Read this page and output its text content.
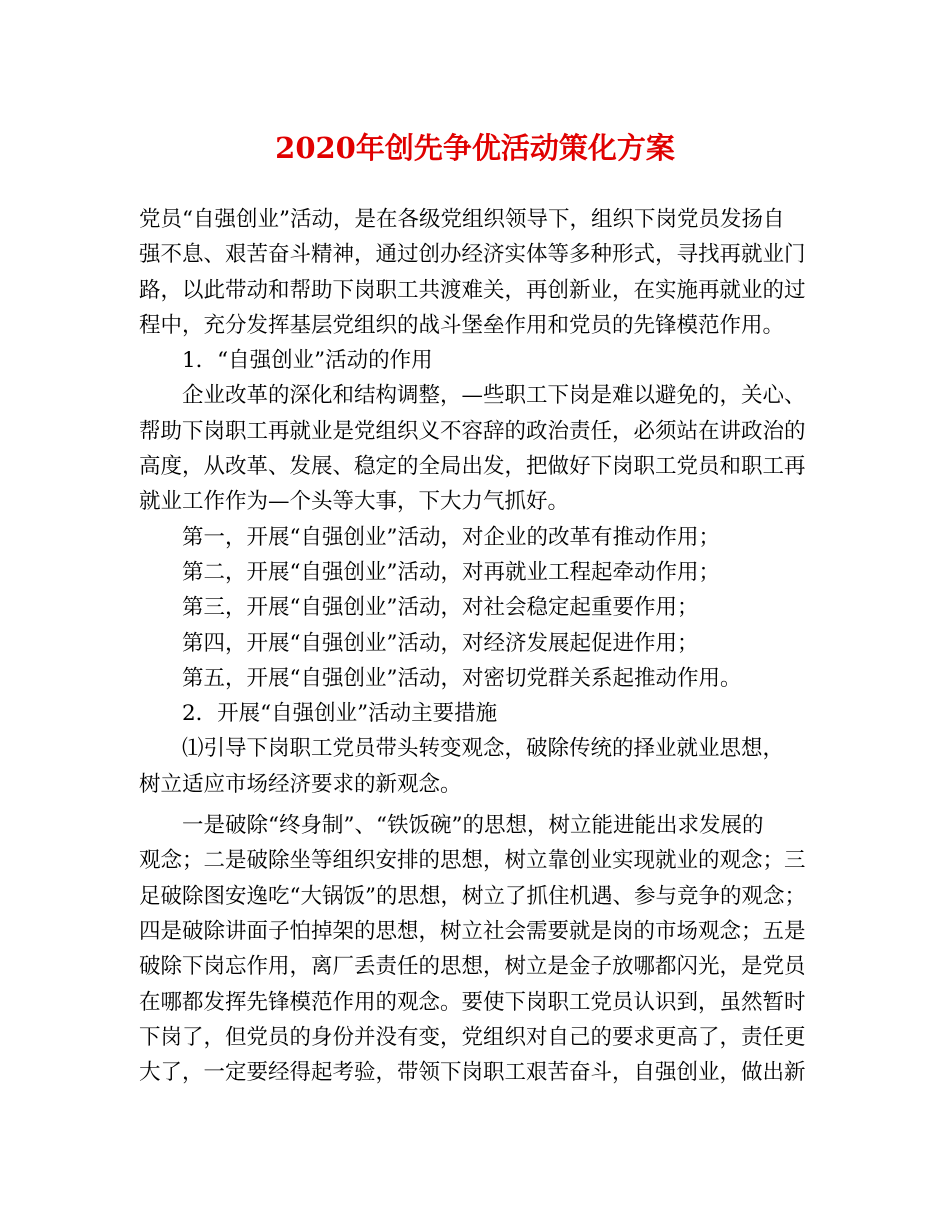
2020年创先争优活动策化方案
党员“自强创业”活动，是在各级党组织领导下，组织下岗党员发扬自
强不息、艰苦奋斗精神，通过创办经济实体等多种形式，寻找再就业门
路，以此带动和帮助下岗职工共渡难关，再创新业，在实施再就业的过
程中，充分发挥基层党组织的战斗堡垒作用和党员的先锋模范作用。
1．“自强创业”活动的作用
企业改革的深化和结构调整，—些职工下岗是难以避免的，关心、
帮助下岗职工再就业是党组织义不容辞的政治责任，必须站在讲政治的
高度，从改革、发展、稳定的全局出发，把做好下岗职工党员和职工再
就业工作作为—个头等大事，下大力气抓好。
第一，开展“自强创业”活动，对企业的改革有推动作用；
第二，开展“自强创业”活动，对再就业工程起牵动作用；
第三，开展“自强创业”活动，对社会稳定起重要作用；
第四，开展“自强创业”活动，对经济发展起促进作用；
第五，开展“自强创业”活动，对密切党群关系起推动作用。
2．开展“自强创业”活动主要措施
⑴引导下岗职工党员带头转变观念，破除传统的择业就业思想，
树立适应市场经济要求的新观念。
一是破除“终身制”、“铁饭碗”的思想，树立能进能出求发展的
观念；二是破除坐等组织安排的思想，树立靠创业实现就业的观念；三
足破除图安逸吃“大锅饭”的思想，树立了抓住机遇、参与竞争的观念；
四是破除讲面子怕掉架的思想，树立社会需要就是岗的市场观念；五是
破除下岗忘作用，离厂丢责任的思想，树立是金子放哪都闪光，是党员
在哪都发挥先锋模范作用的观念。要使下岗职工党员认识到，虽然暂时
下岗了，但党员的身份并没有变，党组织对自己的要求更高了，责任更
大了，一定要经得起考验，带领下岗职工艰苦奋斗，自强创业，做出新
